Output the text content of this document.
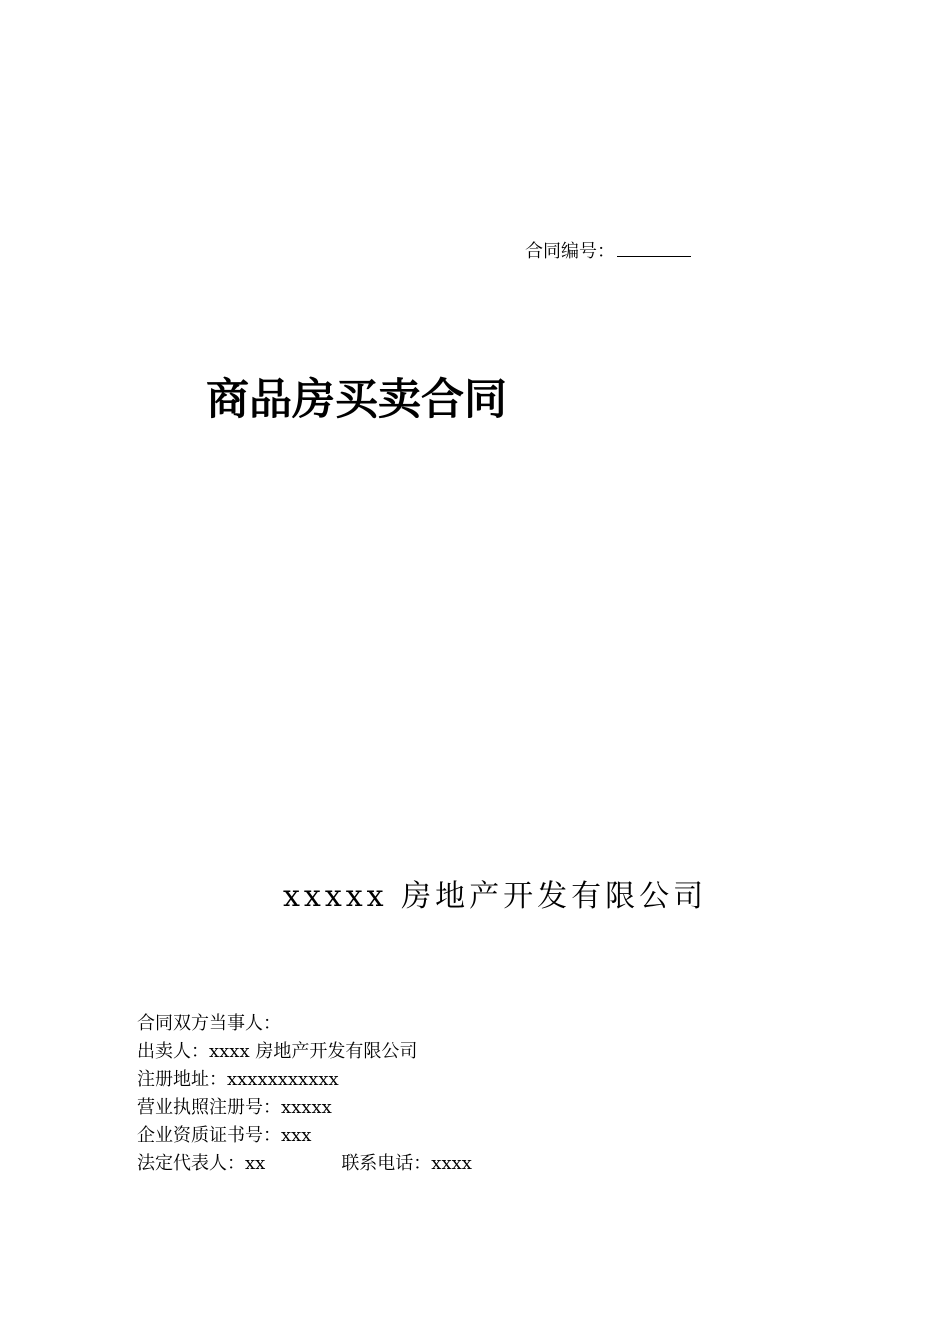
合同编号：
商品房买卖合同
xxxxx 房地产开发有限公司
合同双方当事人：
出卖人：xxxx 房地产开发有限公司
注册地址：xxxxxxxxxxx
营业执照注册号：xxxxx
企业资质证书号：xxx
法定代表人：xx	联系电话：xxxx
